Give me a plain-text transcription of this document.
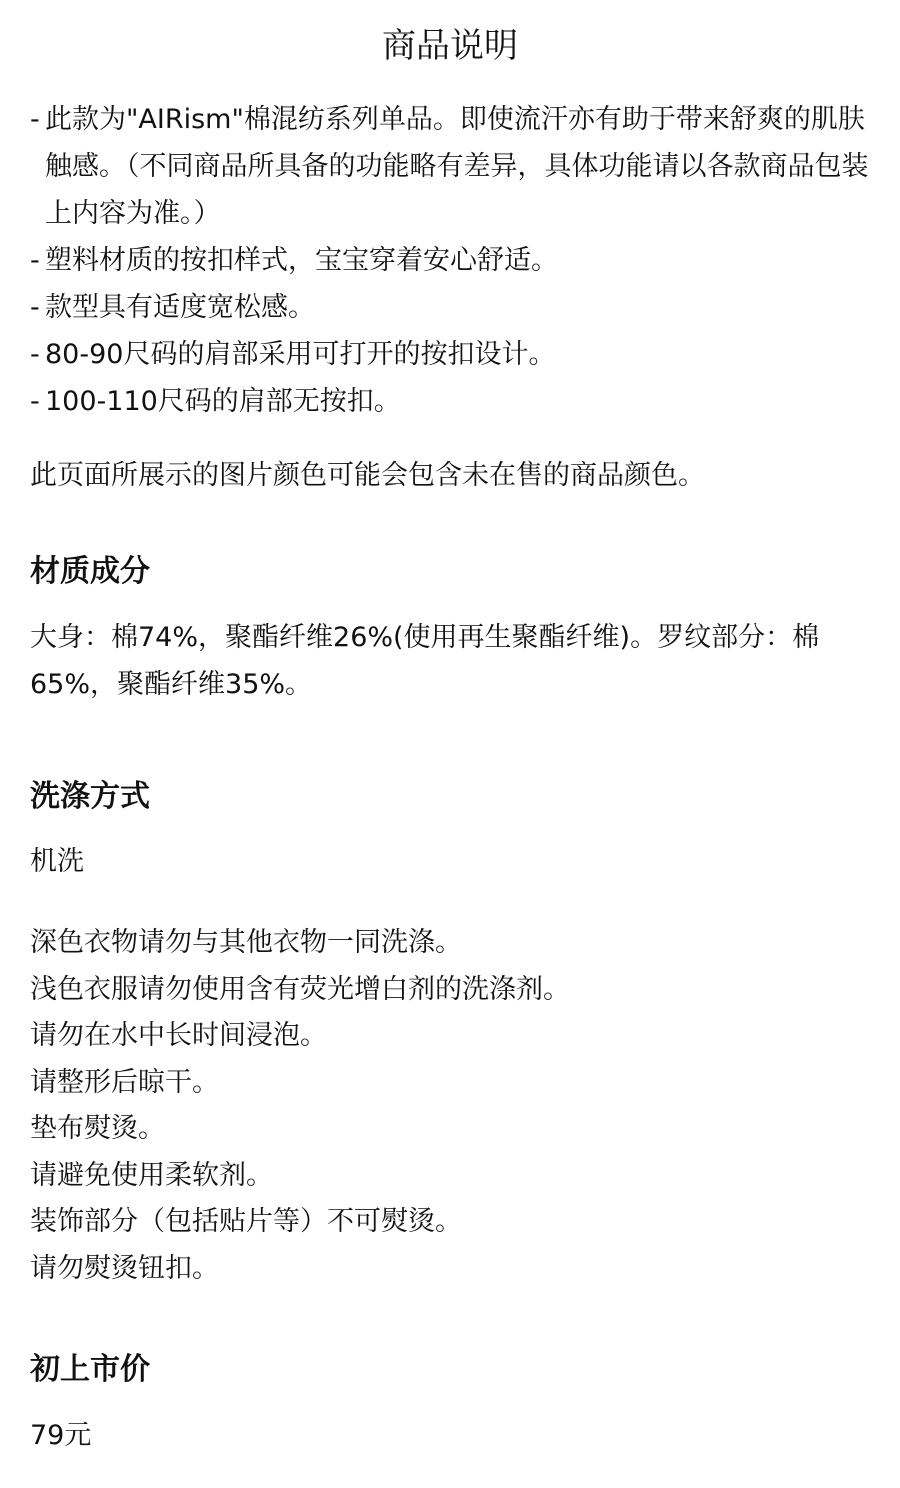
商品说明
- 此款为"AIRism"棉混纺系列单品。即使流汗亦有助于带来舒爽的肌肤触感。（不同商品所具备的功能略有差异，具体功能请以各款商品包装上内容为准。）
- 塑料材质的按扣样式，宝宝穿着安心舒适。
- 款型具有适度宽松感。
- 80-90尺码的肩部采用可打开的按扣设计。
- 100-110尺码的肩部无按扣。
此页面所展示的图片颜色可能会包含未在售的商品颜色。
材质成分
大身：棉74%，聚酯纤维26%(使用再生聚酯纤维)。罗纹部分：棉65%，聚酯纤维35%。
洗涤方式
机洗
深色衣物请勿与其他衣物一同洗涤。
浅色衣服请勿使用含有荧光增白剂的洗涤剂。
请勿在水中长时间浸泡。
请整形后晾干。
垫布熨烫。
请避免使用柔软剂。
装饰部分（包括贴片等）不可熨烫。
请勿熨烫钮扣。
初上市价
79元
